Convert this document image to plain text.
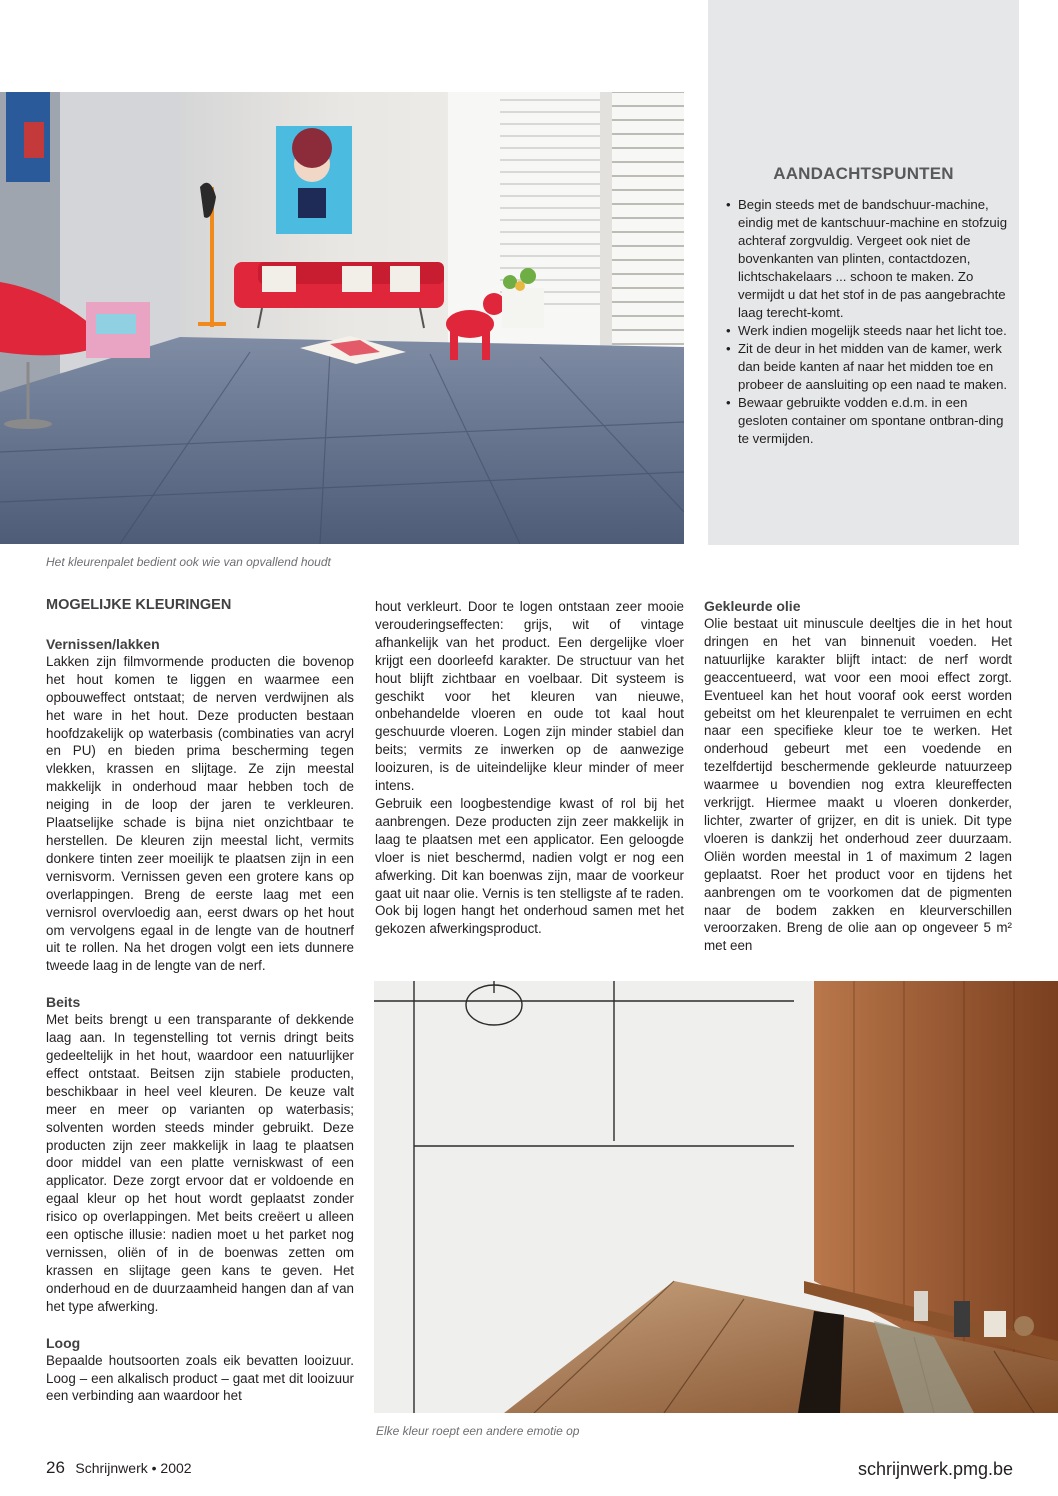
AANDACHTSPUNTEN
• Begin steeds met de bandschuur-machine, eindig met de kantschuur-machine en stofzuig achteraf zorgvuldig. Vergeet ook niet de bovenkanten van plinten, contactdozen, lichtschakelaars ... schoon te maken. Zo vermijdt u dat het stof in de pas aangebrachte laag terecht-komt.
• Werk indien mogelijk steeds naar het licht toe.
• Zit de deur in het midden van de kamer, werk dan beide kanten af naar het midden toe en probeer de aansluiting op een naad te maken.
• Bewaar gebruikte vodden e.d.m. in een gesloten container om spontane ontbran-ding te vermijden.
Het kleurenpalet bedient ook wie van opvallend houdt
MOGELIJKE KLEURINGEN
Vernissen/lakken

Lakken zijn filmvormende producten die bovenop het hout komen te liggen en waarmee een opbouweffect ontstaat; de nerven verdwijnen als het ware in het hout. Deze producten bestaan hoofdzakelijk op waterbasis (combinaties van acryl en PU) en bieden prima bescherming tegen vlekken, krassen en slijtage. Ze zijn meestal makkelijk in onderhoud maar hebben toch de neiging in de loop der jaren te verkleuren. Plaatselijke schade is bijna niet onzichtbaar te herstellen. De kleuren zijn meestal licht, vermits donkere tinten zeer moeilijk te plaatsen zijn in een vernisvorm. Vernissen geven een grotere kans op overlappingen. Breng de eerste laag met een vernisrol overvloedig aan, eerst dwars op het hout om vervolgens egaal in de lengte van de houtnerf uit te rollen. Na het drogen volgt een iets dunnere tweede laag in de lengte van de nerf.

Beits

Met beits brengt u een transparante of dekkende laag aan. In tegenstelling tot vernis dringt beits gedeeltelijk in het hout, waardoor een natuurlijker effect ontstaat. Beitsen zijn stabiele producten, beschikbaar in heel veel kleuren. De keuze valt meer en meer op varianten op waterbasis; solventen worden steeds minder gebruikt. Deze producten zijn zeer makkelijk in laag te plaatsen door middel van een platte verniskwast of een applicator. Deze zorgt ervoor dat er voldoende en egaal kleur op het hout wordt geplaatst zonder risico op overlappingen. Met beits creëert u alleen een optische illusie: nadien moet u het parket nog vernissen, oliën of in de boenwas zetten om krassen en slijtage geen kans te geven. Het onderhoud en de duurzaamheid hangen dan af van het type afwerking.

Loog

Bepaalde houtsoorten zoals eik bevatten looizuur. Loog – een alkalisch product – gaat met dit looizuur een verbinding aan waardoor het

hout verkleurt. Door te logen ontstaan zeer mooie verouderingseffecten: grijs, wit of vintage afhankelijk van het product. Een dergelijke vloer krijgt een doorleefd karakter. De structuur van het hout blijft zichtbaar en voelbaar. Dit systeem is geschikt voor het kleuren van nieuwe, onbehandelde vloeren en oude tot kaal hout geschuurde vloeren. Logen zijn minder stabiel dan beits; vermits ze inwerken op de aanwezige looizuren, is de uiteindelijke kleur minder of meer intens.

Gebruik een loogbestendige kwast of rol bij het aanbrengen. Deze producten zijn zeer makkelijk in laag te plaatsen met een applicator. Een geloogde vloer is niet beschermd, nadien volgt er nog een afwerking. Dit kan boenwas zijn, maar de voorkeur gaat uit naar olie. Vernis is ten stelligste af te raden. Ook bij logen hangt het onderhoud samen met het gekozen afwerkingsproduct.

Gekleurde olie

Olie bestaat uit minuscule deeltjes die in het hout dringen en het van binnenuit voeden. Het natuurlijke karakter blijft intact: de nerf wordt geaccentueerd, wat voor een mooi effect zorgt. Eventueel kan het hout vooraf ook eerst worden gebeitst om het kleurenpalet te verruimen en echt naar een specifieke kleur toe te werken. Het onderhoud gebeurt met een voedende en tezelfdertijd beschermende gekleurde natuurzeep waarmee u bovendien nog extra kleureffecten verkrijgt. Hiermee maakt u vloeren donkerder, lichter, zwarter of grijzer, en dit is uniek. Dit type vloeren is dankzij het onderhoud zeer duurzaam. Oliën worden meestal in 1 of maximum 2 lagen geplaatst. Roer het product voor en tijdens het aanbrengen om te voorkomen dat de pigmenten naar de bodem zakken en kleurverschillen veroorzaken. Breng de olie aan op ongeveer 5 m² met een

Elke kleur roept een andere emotie op
26 Schrijnwerk • 2002	schrijnwerk.pmg.be
